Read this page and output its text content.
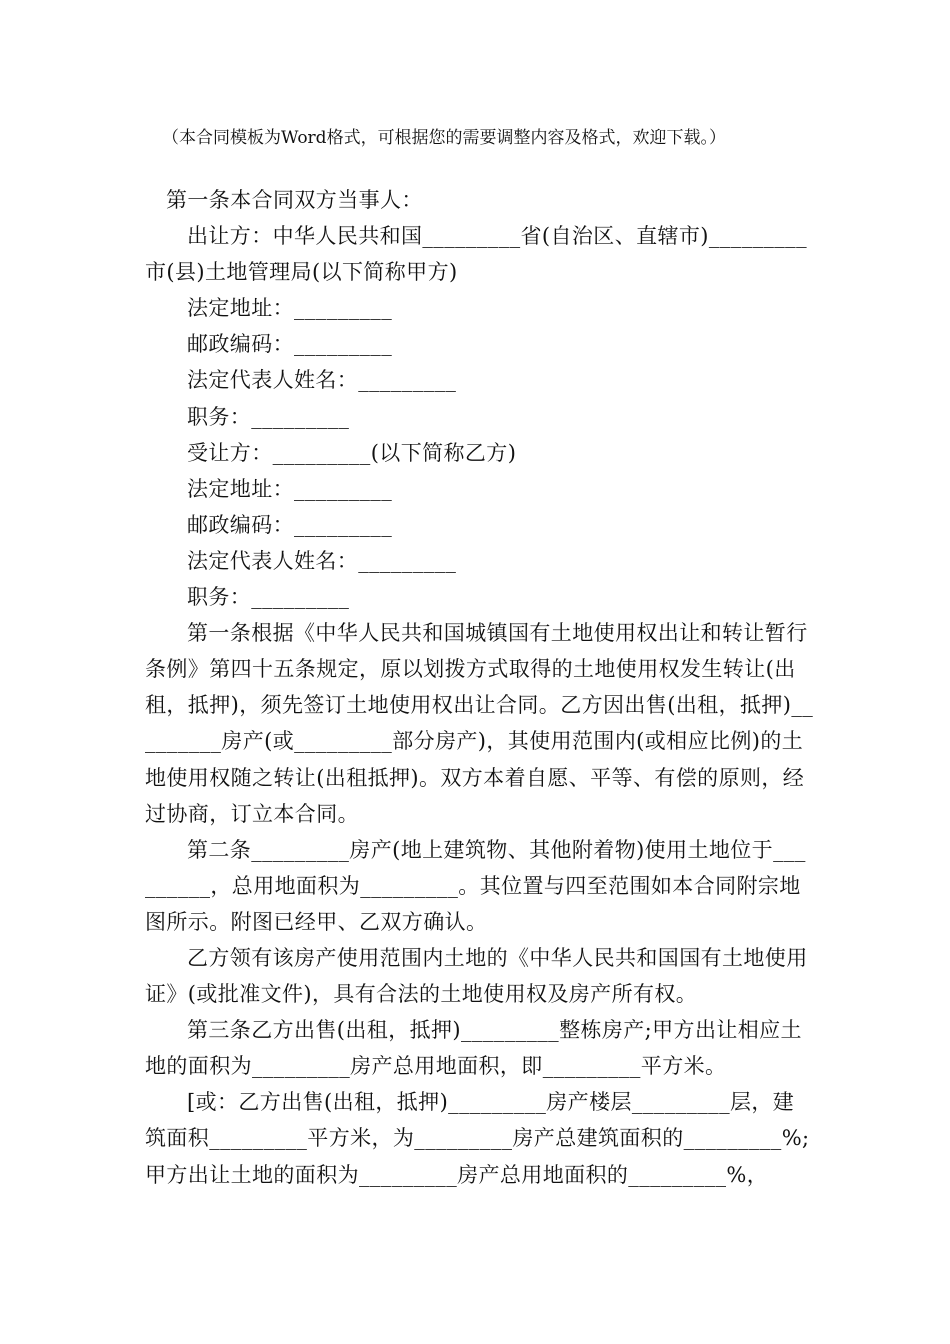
（本合同模板为Word格式，可根据您的需要调整内容及格式，欢迎下载。）

第一条本合同双方当事人：

出让方：中华人民共和国_________省(自治区、直辖市)_________市(县)土地管理局(以下简称甲方)

法定地址：_________

邮政编码：_________

法定代表人姓名：_________

职务：_________

受让方：_________(以下简称乙方)

法定地址：_________

邮政编码：_________

法定代表人姓名：_________

职务：_________

第一条根据《中华人民共和国城镇国有土地使用权出让和转让暂行条例》第四十五条规定，原以划拨方式取得的土地使用权发生转让(出租，抵押)，须先签订土地使用权出让合同。乙方因出售(出租，抵押)_________房产(或_________部分房产)，其使用范围内(或相应比例)的土地使用权随之转让(出租抵押)。双方本着自愿、平等、有偿的原则，经过协商，订立本合同。

第二条_________房产(地上建筑物、其他附着物)使用土地位于_________，总用地面积为_________。其位置与四至范围如本合同附宗地图所示。附图已经甲、乙双方确认。

乙方领有该房产使用范围内土地的《中华人民共和国国有土地使用证》(或批准文件)，具有合法的土地使用权及房产所有权。

第三条乙方出售(出租，抵押)_________整栋房产;甲方出让相应土地的面积为_________房产总用地面积，即_________平方米。

[或：乙方出售(出租，抵押)_________房产楼层_________层，建筑面积_________平方米，为_________房产总建筑面积的_________%;甲方出让土地的面积为_________房产总用地面积的_________%，
